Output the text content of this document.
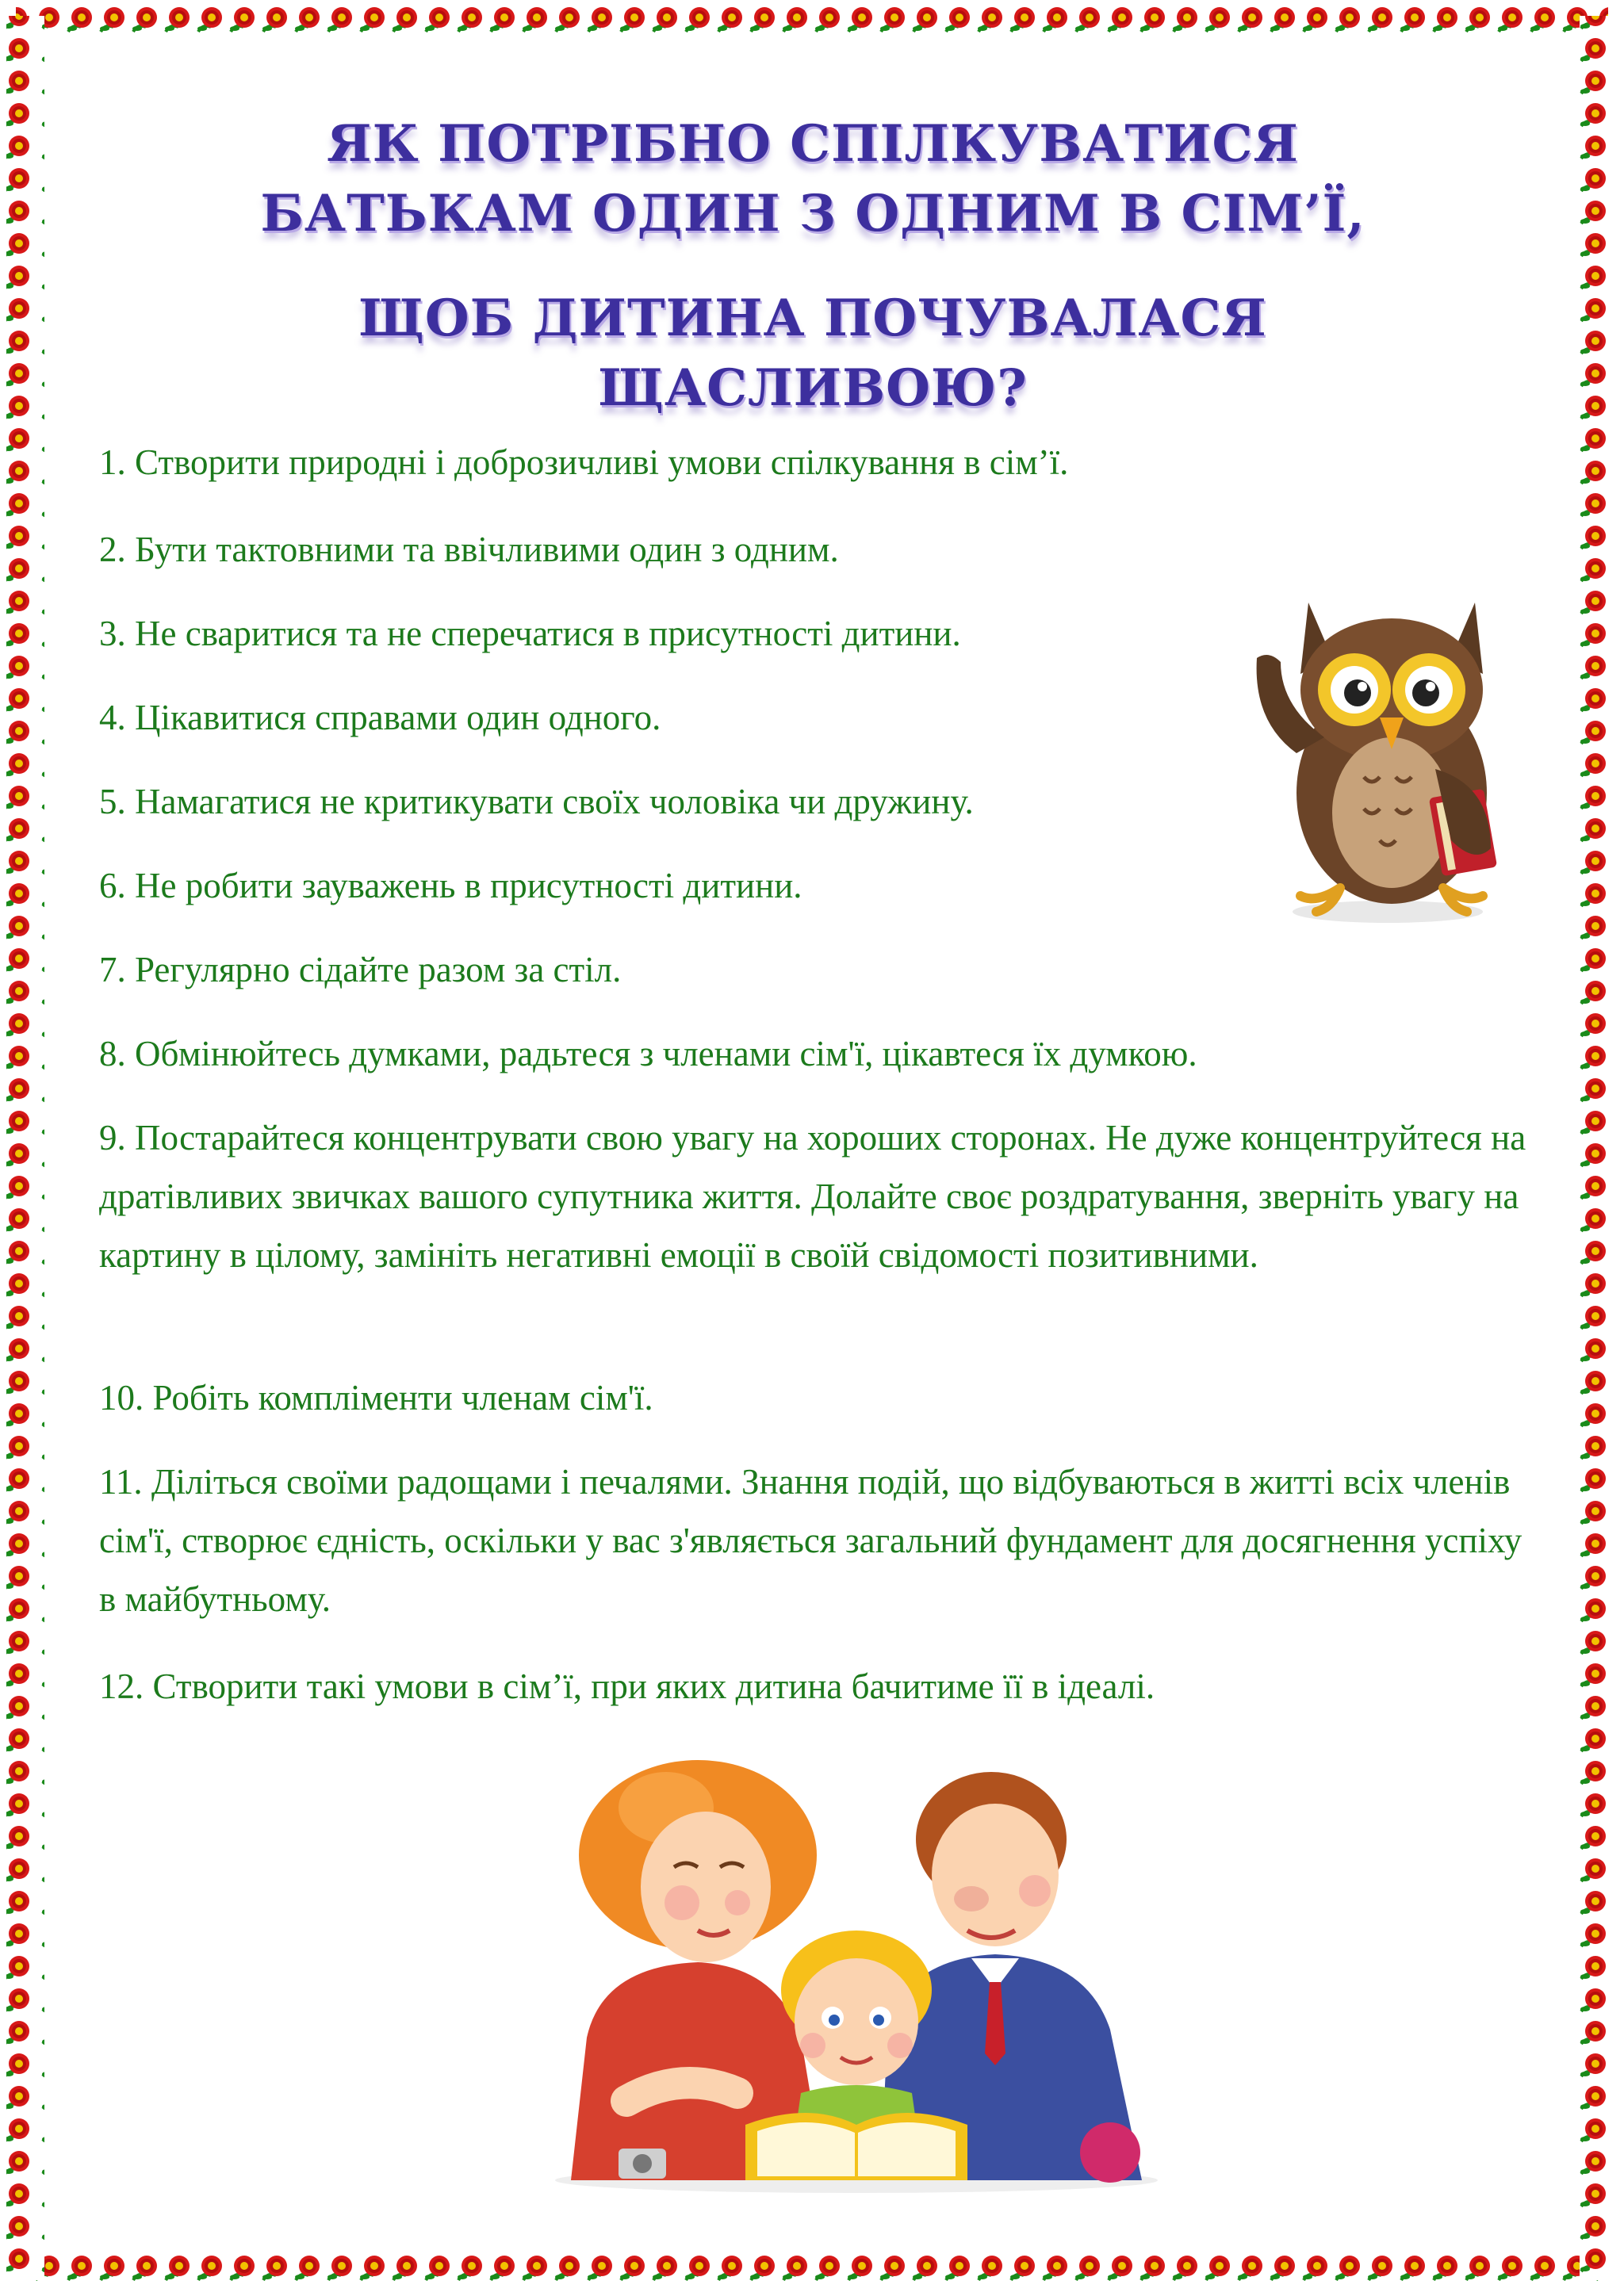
ЯК ПОТРІБНО СПІЛКУВАТИСЯ
БАТЬКАМ ОДИН З ОДНИМ В СІМ’Ї,
ЩОБ ДИТИНА ПОЧУВАЛАСЯ
ЩАСЛИВОЮ?
1. Створити природні і доброзичливі умови спілкування в сім’ї.
2. Бути тактовними та ввічливими один з одним.
3. Не сваритися та не сперечатися в присутності дитини.
4. Цікавитися справами один одного.
5. Намагатися не критикувати своїх чоловіка чи дружину.
6. Не робити зауважень в присутності дитини.
7. Регулярно сідайте разом за стіл.
8. Обмінюйтесь думками, радьтеся з членами сім'ї, цікавтеся їх думкою.
9. Постарайтеся концентрувати свою увагу на хороших сторонах. Не дуже концентруйтеся на дратівливих звичках вашого супутника життя. Долайте своє роздратування, зверніть увагу на картину в цілому, замініть негативні емоції в своїй свідомості позитивними.
10. Робіть компліменти членам сім'ї.
11. Діліться своїми радощами і печалями. Знання подій, що відбуваються в житті всіх членів сім'ї, створює єдність, оскільки у вас з'являється загальний фундамент для досягнення успіху в майбутньому.
12. Створити такі умови в сім’ї, при яких дитина бачитиме її в ідеалі.
